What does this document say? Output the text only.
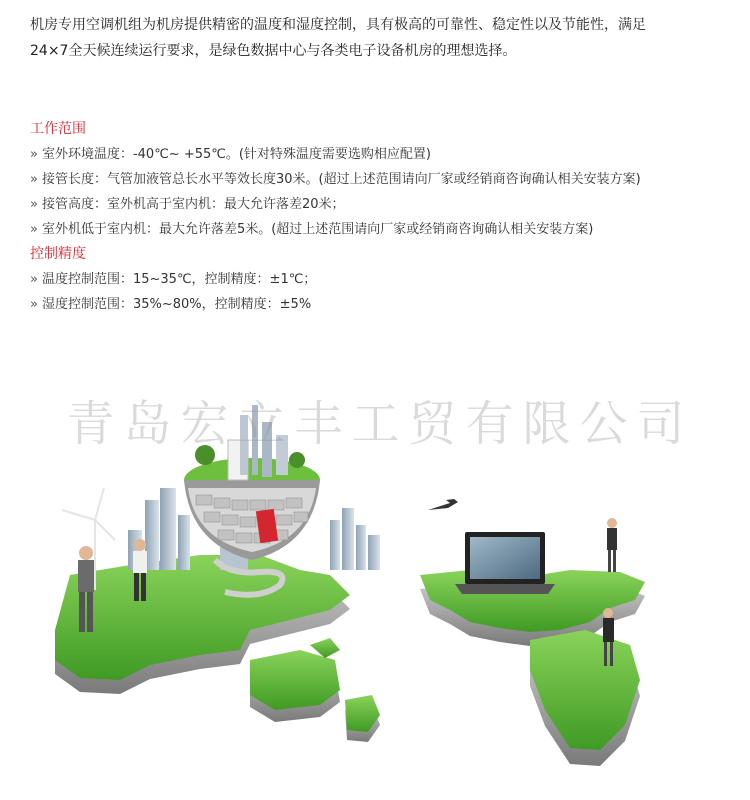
机房专用空调机组为机房提供精密的温度和湿度控制，具有极高的可靠性、稳定性以及节能性，满足
24×7全天候连续运行要求，是绿色数据中心与各类电子设备机房的理想选择。
工作范围
» 室外环境温度：-40℃~ +55℃。(针对特殊温度需要选购相应配置)
» 接管长度：气管加液管总长水平等效长度30米。(超过上述范围请向厂家或经销商咨询确认相关安装方案)
» 接管高度：室外机高于室内机：最大允许落差20米；
» 室外机低于室内机：最大允许落差5米。(超过上述范围请向厂家或经销商咨询确认相关安装方案)
控制精度
» 温度控制范围：15~35℃，控制精度：±1℃；
» 湿度控制范围：35%~80%，控制精度：±5%
青岛宏立丰工贸有限公司
